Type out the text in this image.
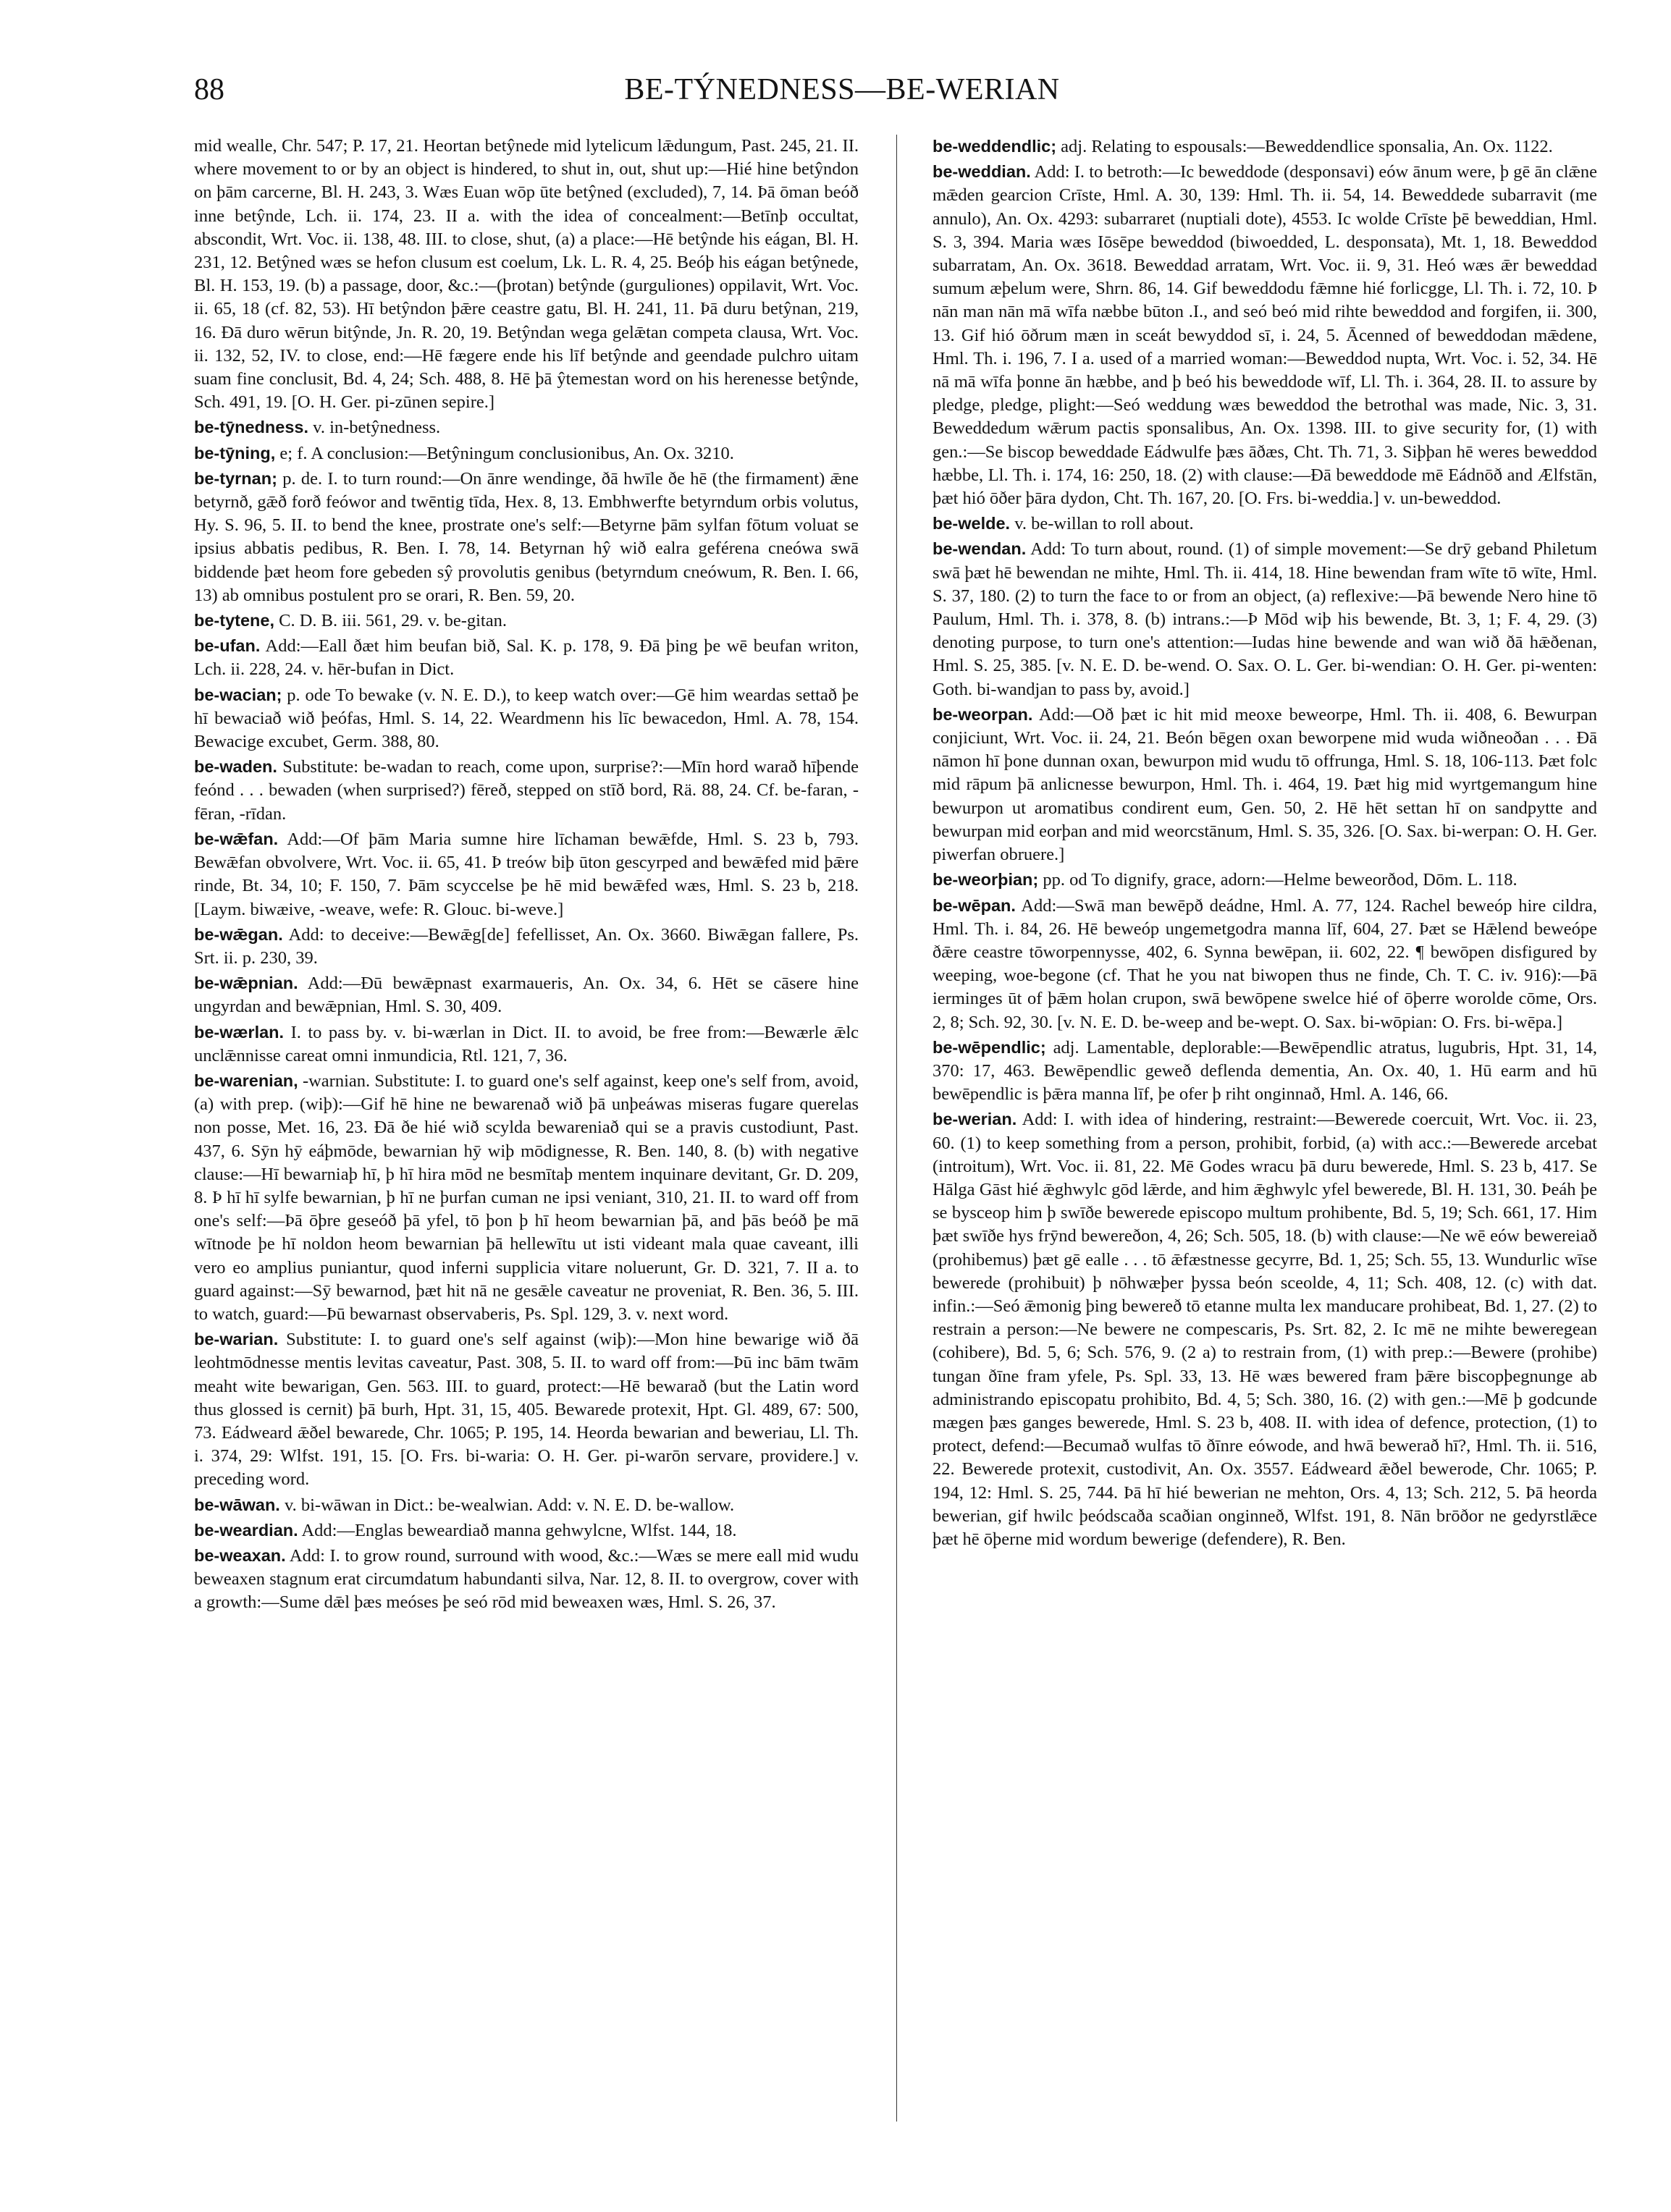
88	BE-TÝNEDNESS—BE-WERIAN

mid wealle, Chr. 547; P. 17, 21. Heortan betŷnede mid lytelicum lǣdungum, Past. 245, 21. II. where movement to or by an object is hindered, to shut in, out, shut up:—Hié hine betŷndon on þām carcerne, Bl. H. 243, 3. Wæs Euan wōp ūte betŷned (excluded), 7, 14. Þā ōman beóð inne betŷnde, Lch. ii. 174, 23. II a. with the idea of concealment:—Betīnþ occultat, abscondit, Wrt. Voc. ii. 138, 48. III. to close, shut, (a) a place:—Hē betŷnde his eágan, Bl. H. 231, 12. Betŷned wæs se hefon clusum est coelum, Lk. L. R. 4, 25. Beóþ his eágan betŷnede, Bl. H. 153, 19. (b) a passage, door, &c.:—(þrotan) betŷnde (gurguliones) oppilavit, Wrt. Voc. ii. 65, 18 (cf. 82, 53). Hī betŷndon þǣre ceastre gatu, Bl. H. 241, 11. Þā duru betŷnan, 219, 16. Ðā duro wērun bitŷnde, Jn. R. 20, 19. Betŷndan wega gelǣtan competa clausa, Wrt. Voc. ii. 132, 52, IV. to close, end:—Hē fægere ende his līf betŷnde and geendade pulchro uitam suam fine conclusit, Bd. 4, 24; Sch. 488, 8. Hē þā ŷtemestan word on his herenesse betŷnde, Sch. 491, 19. [O. H. Ger. pi-zūnen sepire.]

be-tȳnedness. v. in-betŷnedness.

be-tȳning, e; f. A conclusion:—Betŷningum conclusionibus, An. Ox. 3210.

be-tyrnan; p. de. I. to turn round:—On ānre wendinge, ðā hwīle ðe hē (the firmament) ǣne betyrnð, gǣð forð feówor and twēntig tīda, Hex. 8, 13. Embhwerfte betyrndum orbis volutus, Hy. S. 96, 5. II. to bend the knee, prostrate one's self:—Betyrne þām sylfan fōtum voluat se ipsius abbatis pedibus, R. Ben. I. 78, 14. Betyrnan hŷ wið ealra geférena cneówa swā biddende þæt heom fore gebeden sŷ provolutis genibus (betyrndum cneówum, R. Ben. I. 66, 13) ab omnibus postulent pro se orari, R. Ben. 59, 20.

be-tytene, C. D. B. iii. 561, 29. v. be-gitan.

be-ufan. Add:—Eall ðæt him beufan bið, Sal. K. p. 178, 9. Ðā þing þe wē beufan writon, Lch. ii. 228, 24. v. hēr-bufan in Dict.

be-wacian; p. ode To bewake (v. N. E. D.), to keep watch over:—Gē him weardas settað þe hī bewaciað wið þeófas, Hml. S. 14, 22. Weardmenn his līc bewacedon, Hml. A. 78, 154. Bewacige excubet, Germ. 388, 80.

be-waden. Substitute: be-wadan to reach, come upon, surprise?:—Mīn hord warað hīþende feónd . . . bewaden (when surprised?) fēreð, stepped on stīð bord, Rä. 88, 24. Cf. be-faran, -fēran, -rīdan.

be-wǣfan. Add:—Of þām Maria sumne hire līchaman bewǣfde, Hml. S. 23 b, 793. Bewǣfan obvolvere, Wrt. Voc. ii. 65, 41. Þ treów biþ ūton gescyrped and bewǣfed mid þǣre rinde, Bt. 34, 10; F. 150, 7. Þām scyccelse þe hē mid bewǣfed wæs, Hml. S. 23 b, 218. [Laym. biwæive, -weave, wefe: R. Glouc. bi-weve.]

be-wǣgan. Add: to deceive:—Bewǣg[de] fefellisset, An. Ox. 3660. Biwǣgan fallere, Ps. Srt. ii. p. 230, 39.

be-wǣpnian. Add:—Ðū bewǣpnast exarmaueris, An. Ox. 34, 6. Hēt se cāsere hine ungyrdan and bewǣpnian, Hml. S. 30, 409.

be-wærlan. I. to pass by. v. bi-wærlan in Dict. II. to avoid, be free from:—Bewærle ǣlc unclǣnnisse careat omni inmundicia, Rtl. 121, 7, 36.

be-warenian, -warnian. Substitute: I. to guard one's self against, keep one's self from, avoid, (a) with prep. (wiþ):—Gif hē hine ne bewarenað wið þā unþeáwas miseras fugare querelas non posse, Met. 16, 23. Ðā ðe hié wið scylda bewareniað qui se a pravis custodiunt, Past. 437, 6. Sȳn hȳ eáþmōde, bewarnian hȳ wiþ mōdignesse, R. Ben. 140, 8. (b) with negative clause:—Hī bewarniaþ hī, þ hī hira mōd ne besmītaþ mentem inquinare devitant, Gr. D. 209, 8. Þ hī hī sylfe bewarnian, þ hī ne þurfan cuman ne ipsi veniant, 310, 21. II. to ward off from one's self:—Þā ōþre geseóð þā yfel, tō þon þ hī heom bewarnian þā, and þās beóð þe mā wītnode þe hī noldon heom bewarnian þā hellewītu ut isti videant mala quae caveant, illi vero eo amplius puniantur, quod inferni supplicia vitare noluerunt, Gr. D. 321, 7. II a. to guard against:—Sȳ bewarnod, þæt hit nā ne gesǣle caveatur ne proveniat, R. Ben. 36, 5. III. to watch, guard:—Þū bewarnast observaberis, Ps. Spl. 129, 3. v. next word.

be-warian. Substitute: I. to guard one's self against (wiþ):—Mon hine bewarige wið ðā leohtmōdnesse mentis levitas caveatur, Past. 308, 5. II. to ward off from:—Þū inc bām twām meaht wite bewarigan, Gen. 563. III. to guard, protect:—Hē bewarað (but the Latin word thus glossed is cernit) þā burh, Hpt. 31, 15, 405. Bewarede protexit, Hpt. Gl. 489, 67: 500, 73. Eádweard ǣðel bewarede, Chr. 1065; P. 195, 14. Heorda bewarian and beweriau, Ll. Th. i. 374, 29: Wlfst. 191, 15. [O. Frs. bi-waria: O. H. Ger. pi-warōn servare, providere.] v. preceding word.

be-wāwan. v. bi-wāwan in Dict.: be-wealwian. Add: v. N. E. D. be-wallow.

be-weardian. Add:—Englas beweardiað manna gehwylcne, Wlfst. 144, 18.

be-weaxan. Add: I. to grow round, surround with wood, &c.:—Wæs se mere eall mid wudu beweaxen stagnum erat circumdatum habundanti silva, Nar. 12, 8. II. to overgrow, cover with a growth:—Sume dǣl þæs meóses þe seó rōd mid beweaxen wæs, Hml. S. 26, 37.

be-weddendlic; adj. Relating to espousals:—Beweddendlice sponsalia, An. Ox. 1122.

be-weddian. Add: I. to betroth:—Ic beweddode (desponsavi) eów ānum were, þ gē ān clǣne mǣden gearcion Crīste, Hml. A. 30, 139: Hml. Th. ii. 54, 14. Beweddede subarravit (me annulo), An. Ox. 4293: subarraret (nuptiali dote), 4553. Ic wolde Crīste þē beweddian, Hml. S. 3, 394. Maria wæs Iōsēpe beweddod (biwoedded, L. desponsata), Mt. 1, 18. Beweddod subarratam, An. Ox. 3618. Beweddad arratam, Wrt. Voc. ii. 9, 31. Heó wæs ǣr beweddad sumum æþelum were, Shrn. 86, 14. Gif beweddodu fǣmne hié forlicgge, Ll. Th. i. 72, 10. Þ nān man nān mā wīfa næbbe būton .I., and seó beó mid rihte beweddod and forgifen, ii. 300, 13. Gif hió ōðrum mæn in sceát bewyddod sī, i. 24, 5. Ācenned of beweddodan mǣdene, Hml. Th. i. 196, 7. I a. used of a married woman:—Beweddod nupta, Wrt. Voc. i. 52, 34. Hē nā mā wīfa þonne ān hæbbe, and þ beó his beweddode wīf, Ll. Th. i. 364, 28. II. to assure by pledge, pledge, plight:—Seó weddung wæs beweddod the betrothal was made, Nic. 3, 31. Beweddedum wǣrum pactis sponsalibus, An. Ox. 1398. III. to give security for, (1) with gen.:—Se biscop beweddade Eádwulfe þæs āðæs, Cht. Th. 71, 3. Siþþan hē weres beweddod hæbbe, Ll. Th. i. 174, 16: 250, 18. (2) with clause:—Ðā beweddode mē Eádnōð and Ælfstān, þæt hió ōðer þāra dydon, Cht. Th. 167, 20. [O. Frs. bi-weddia.] v. un-beweddod.

be-welde. v. be-willan to roll about.

be-wendan. Add: To turn about, round. (1) of simple movement:—Se drȳ geband Philetum swā þæt hē bewendan ne mihte, Hml. Th. ii. 414, 18. Hine bewendan fram wīte tō wīte, Hml. S. 37, 180. (2) to turn the face to or from an object, (a) reflexive:—Þā bewende Nero hine tō Paulum, Hml. Th. i. 378, 8. (b) intrans.:—Þ Mōd wiþ his bewende, Bt. 3, 1; F. 4, 29. (3) denoting purpose, to turn one's attention:—Iudas hine bewende and wan wið ðā hǣðenan, Hml. S. 25, 385. [v. N. E. D. be-wend. O. Sax. O. L. Ger. bi-wendian: O. H. Ger. pi-wenten: Goth. bi-wandjan to pass by, avoid.]

be-weorpan. Add:—Oð þæt ic hit mid meoxe beweorpe, Hml. Th. ii. 408, 6. Bewurpan conjiciunt, Wrt. Voc. ii. 24, 21. Beón bēgen oxan beworpene mid wuda wiðneoðan . . . Ðā nāmon hī þone dunnan oxan, bewurpon mid wudu tō offrunga, Hml. S. 18, 106-113. Þæt folc mid rāpum þā anlicnesse bewurpon, Hml. Th. i. 464, 19. Þæt hig mid wyrtgemangum hine bewurpon ut aromatibus condirent eum, Gen. 50, 2. Hē hēt settan hī on sandpytte and bewurpan mid eorþan and mid weorcstānum, Hml. S. 35, 326. [O. Sax. bi-werpan: O. H. Ger. piwerfan obruere.]

be-weorþian; pp. od To dignify, grace, adorn:—Helme beweorðod, Dōm. L. 118.

be-wēpan. Add:—Swā man bewēpð deádne, Hml. A. 77, 124. Rachel beweóp hire cildra, Hml. Th. i. 84, 26. Hē beweóp ungemetgodra manna līf, 604, 27. Þæt se Hǣlend beweópe ðǣre ceastre tōworpennysse, 402, 6. Synna bewēpan, ii. 602, 22. ¶ bewōpen disfigured by weeping, woe-begone (cf. That he you nat biwopen thus ne finde, Ch. T. C. iv. 916):—Þā ierminges ūt of þǣm holan crupon, swā bewōpene swelce hié of ōþerre worolde cōme, Ors. 2, 8; Sch. 92, 30. [v. N. E. D. be-weep and be-wept. O. Sax. bi-wōpian: O. Frs. bi-wēpa.]

be-wēpendlic; adj. Lamentable, deplorable:—Bewēpendlic atratus, lugubris, Hpt. 31, 14, 370: 17, 463. Bewēpendlic geweð deflenda dementia, An. Ox. 40, 1. Hū earm and hū bewēpendlic is þǣra manna līf, þe ofer þ riht onginnað, Hml. A. 146, 66.

be-werian. Add: I. with idea of hindering, restraint:—Bewerede coercuit, Wrt. Voc. ii. 23, 60. (1) to keep something from a person, prohibit, forbid, (a) with acc.:—Bewerede arcebat (introitum), Wrt. Voc. ii. 81, 22. Mē Godes wracu þā duru bewerede, Hml. S. 23 b, 417. Se Hālga Gāst hié ǣghwylc gōd lǣrde, and him ǣghwylc yfel bewerede, Bl. H. 131, 30. Þeáh þe se bysceop him þ swīðe bewerede episcopo multum prohibente, Bd. 5, 19; Sch. 661, 17. Him þæt swīðe hys frȳnd bewereðon, 4, 26; Sch. 505, 18. (b) with clause:—Ne wē eów bewereiað (prohibemus) þæt gē ealle . . . tō ǣfæstnesse gecyrre, Bd. 1, 25; Sch. 55, 13. Wundurlic wīse bewerede (prohibuit) þ nōhwæþer þyssa beón sceolde, 4, 11; Sch. 408, 12. (c) with dat. infin.:—Seó ǣmonig þing bewereð tō etanne multa lex manducare prohibeat, Bd. 1, 27. (2) to restrain a person:—Ne bewere ne compescaris, Ps. Srt. 82, 2. Ic mē ne mihte beweregean (cohibere), Bd. 5, 6; Sch. 576, 9. (2 a) to restrain from, (1) with prep.:—Bewere (prohibe) tungan ðīne fram yfele, Ps. Spl. 33, 13. Hē wæs bewered fram þǣre biscopþegnunge ab administrando episcopatu prohibito, Bd. 4, 5; Sch. 380, 16. (2) with gen.:—Mē þ godcunde mægen þæs ganges bewerede, Hml. S. 23 b, 408. II. with idea of defence, protection, (1) to protect, defend:—Becumað wulfas tō ðīnre eówode, and hwā bewerað hī?, Hml. Th. ii. 516, 22. Bewerede protexit, custodivit, An. Ox. 3557. Eádweard ǣðel bewerode, Chr. 1065; P. 194, 12: Hml. S. 25, 744. Þā hī hié bewerian ne mehton, Ors. 4, 13; Sch. 212, 5. Þā heorda bewerian, gif hwilc þeódscaða scaðian onginneð, Wlfst. 191, 8. Nān brōðor ne gedyrstlǣce þæt hē ōþerne mid wordum bewerige (defendere), R. Ben.
